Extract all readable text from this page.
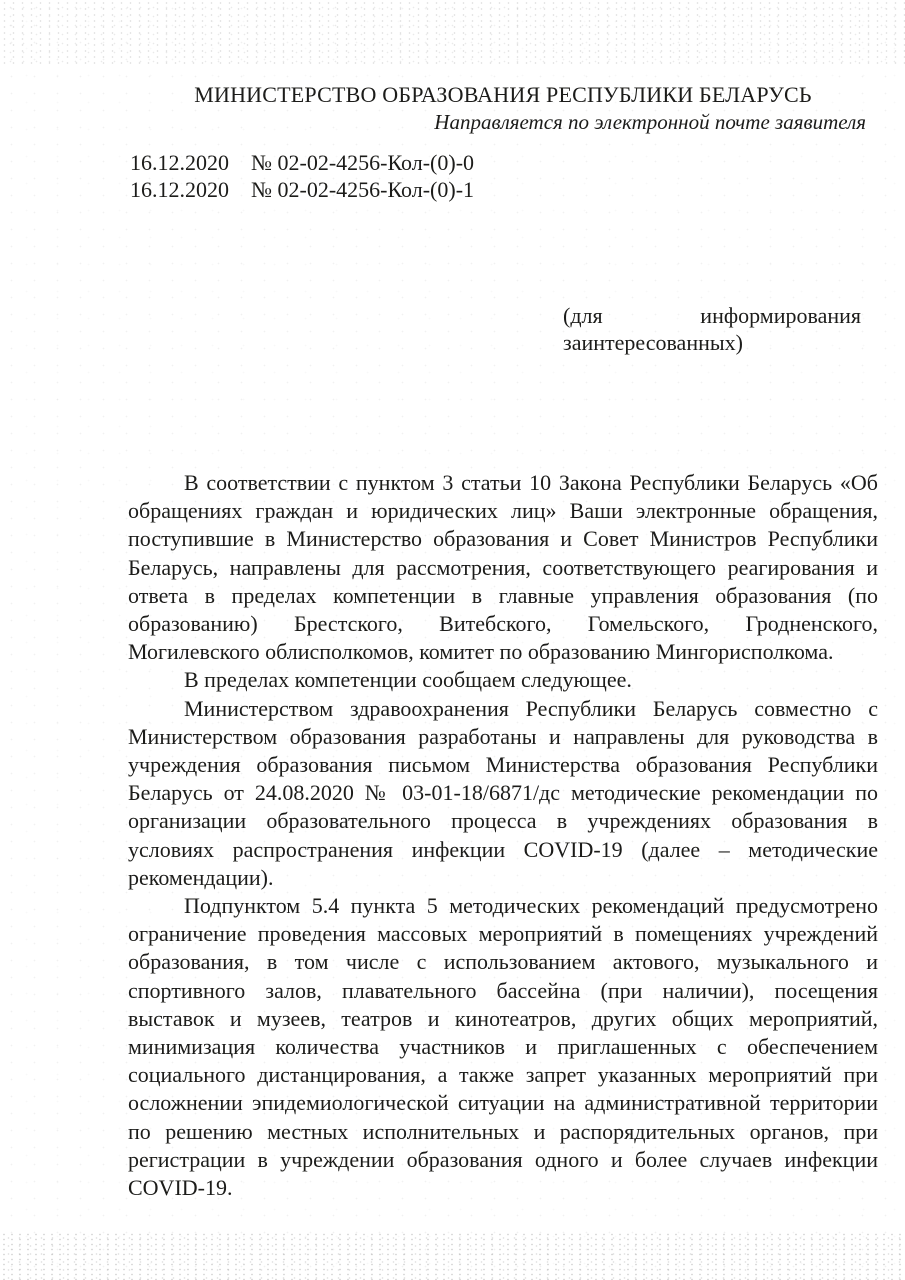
МИНИСТЕРСТВО ОБРАЗОВАНИЯ РЕСПУБЛИКИ БЕЛАРУСЬ
Направляется по электронной почте заявителя
16.12.2020 № 02-02-4256-Кол-(0)-0
16.12.2020 № 02-02-4256-Кол-(0)-1
(для информирования заинтересованных)

В соответствии с пунктом 3 статьи 10 Закона Республики Беларусь «Об обращениях граждан и юридических лиц» Ваши электронные обращения, поступившие в Министерство образования и Совет Министров Республики Беларусь, направлены для рассмотрения, соответствующего реагирования и ответа в пределах компетенции в главные управления образования (по образованию) Брестского, Витебского, Гомельского, Гродненского, Могилевского облисполкомов, комитет по образованию Мингорисполкома.

В пределах компетенции сообщаем следующее.

Министерством здравоохранения Республики Беларусь совместно с Министерством образования разработаны и направлены для руководства в учреждения образования письмом Министерства образования Республики Беларусь от 24.08.2020 № 03-01-18/6871/дс методические рекомендации по организации образовательного процесса в учреждениях образования в условиях распространения инфекции COVID-19 (далее – методические рекомендации).

Подпунктом 5.4 пункта 5 методических рекомендаций предусмотрено ограничение проведения массовых мероприятий в помещениях учреждений образования, в том числе с использованием актового, музыкального и спортивного залов, плавательного бассейна (при наличии), посещения выставок и музеев, театров и кинотеатров, других общих мероприятий, минимизация количества участников и приглашенных с обеспечением социального дистанцирования, а также запрет указанных мероприятий при осложнении эпидемиологической ситуации на административной территории по решению местных исполнительных и распорядительных органов, при регистрации в учреждении образования одного и более случаев инфекции COVID-19.
